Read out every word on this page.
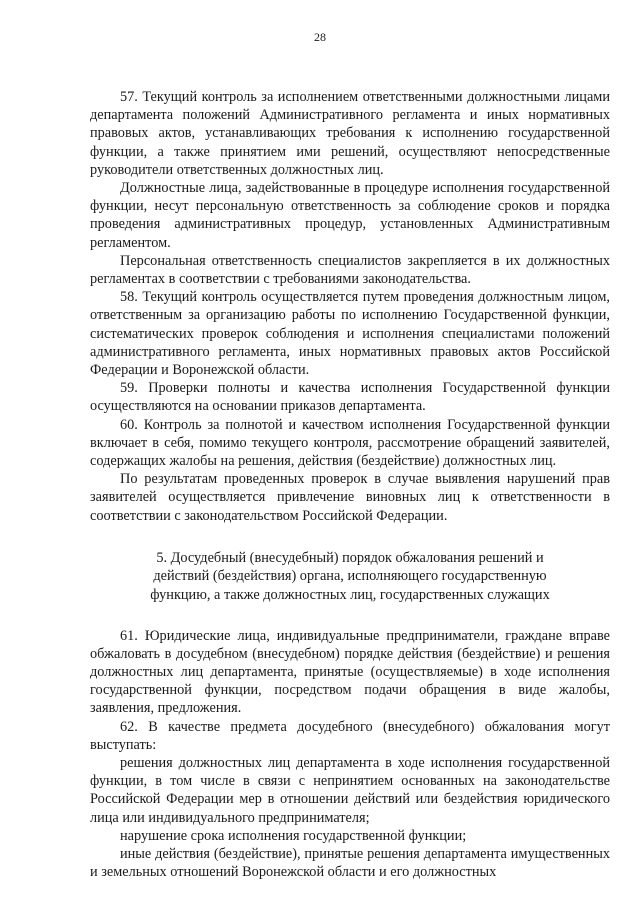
28

57. Текущий контроль за исполнением ответственными должностными лицами департамента положений Административного регламента и иных нормативных правовых актов, устанавливающих требования к исполнению государственной функции, а также принятием ими решений, осуществляют непосредственные руководители ответственных должностных лиц.

Должностные лица, задействованные в процедуре исполнения государственной функции, несут персональную ответственность за соблюдение сроков и порядка проведения административных процедур, установленных Административным регламентом.

Персональная ответственность специалистов закрепляется в их должностных регламентах в соответствии с требованиями законодательства.

58. Текущий контроль осуществляется путем проведения должностным лицом, ответственным за организацию работы по исполнению Государственной функции, систематических проверок соблюдения и исполнения специалистами положений административного регламента, иных нормативных правовых актов Российской Федерации и Воронежской области.

59. Проверки полноты и качества исполнения Государственной функции осуществляются на основании приказов департамента.

60. Контроль за полнотой и качеством исполнения Государственной функции включает в себя, помимо текущего контроля, рассмотрение обращений заявителей, содержащих жалобы на решения, действия (бездействие) должностных лиц.

По результатам проведенных проверок в случае выявления нарушений прав заявителей осуществляется привлечение виновных лиц к ответственности в соответствии с законодательством Российской Федерации.

5. Досудебный (внесудебный) порядок обжалования решений и
действий (бездействия) органа, исполняющего государственную
функцию, а также должностных лиц, государственных служащих

61. Юридические лица, индивидуальные предприниматели, граждане вправе обжаловать в досудебном (внесудебном) порядке действия (бездействие) и решения должностных лиц департамента, принятые (осуществляемые) в ходе исполнения государственной функции, посредством подачи обращения в виде жалобы, заявления, предложения.

62. В качестве предмета досудебного (внесудебного) обжалования могут выступать:

решения должностных лиц департамента в ходе исполнения государственной функции, в том числе в связи с непринятием основанных на законодательстве Российской Федерации мер в отношении действий или бездействия юридического лица или индивидуального предпринимателя;

нарушение срока исполнения государственной функции;

иные действия (бездействие), принятые решения департамента имущественных и земельных отношений Воронежской области и его должностных
